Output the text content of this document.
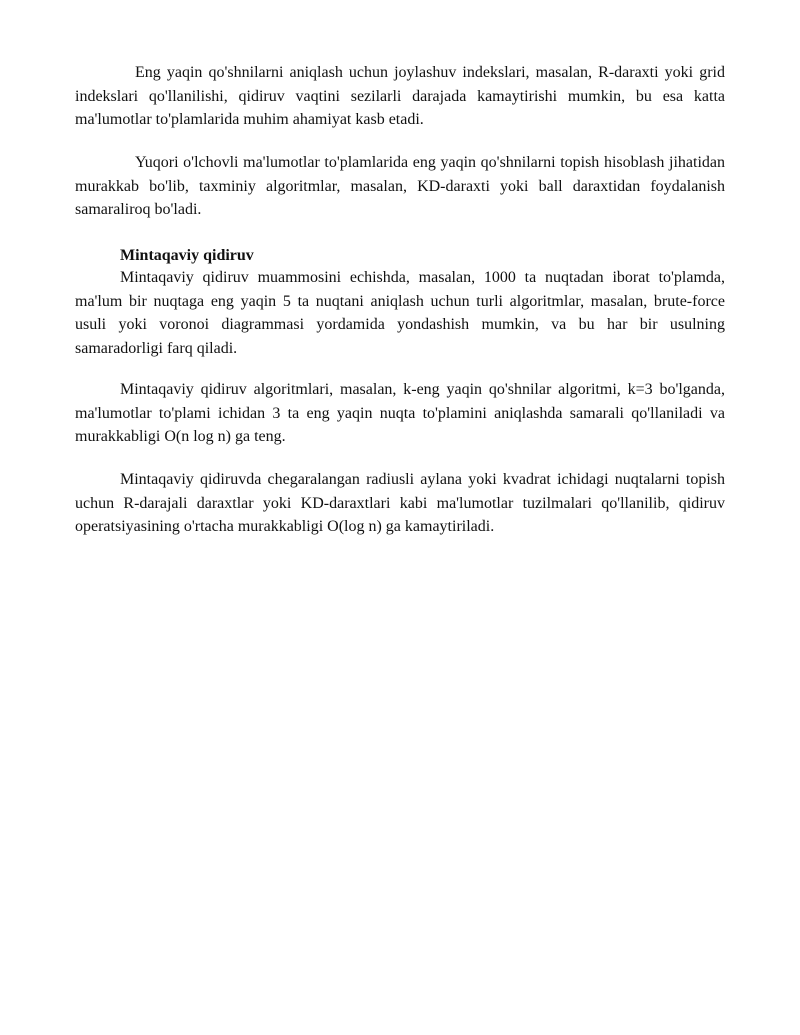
Eng yaqin qo'shnilarni aniqlash uchun joylashuv indekslari, masalan, R-daraxti yoki grid indekslari qo'llanilishi, qidiruv vaqtini sezilarli darajada kamaytirishi mumkin, bu esa katta ma'lumotlar to'plamlarida muhim ahamiyat kasb etadi.

Yuqori o'lchovli ma'lumotlar to'plamlarida eng yaqin qo'shnilarni topish hisoblash jihatidan murakkab bo'lib, taxminiy algoritmlar, masalan, KD-daraxti yoki ball daraxtidan foydalanish samaraliroq bo'ladi.

Mintaqaviy qidiruv

Mintaqaviy qidiruv muammosini echishda, masalan, 1000 ta nuqtadan iborat to'plamda, ma'lum bir nuqtaga eng yaqin 5 ta nuqtani aniqlash uchun turli algoritmlar, masalan, brute-force usuli yoki voronoi diagrammasi yordamida yondashish mumkin, va bu har bir usulning samaradorligi farq qiladi.

Mintaqaviy qidiruv algoritmlari, masalan, k-eng yaqin qo'shnilar algoritmi, k=3 bo'lganda, ma'lumotlar to'plami ichidan 3 ta eng yaqin nuqta to'plamini aniqlashda samarali qo'llaniladi va murakkabligi O(n log n) ga teng.

Mintaqaviy qidiruvda chegaralangan radiusli aylana yoki kvadrat ichidagi nuqtalarni topish uchun R-darajali daraxtlar yoki KD-daraxtlari kabi ma'lumotlar tuzilmalari qo'llanilib, qidiruv operatsiyasining o'rtacha murakkabligi O(log n) ga kamaytiriladi.
